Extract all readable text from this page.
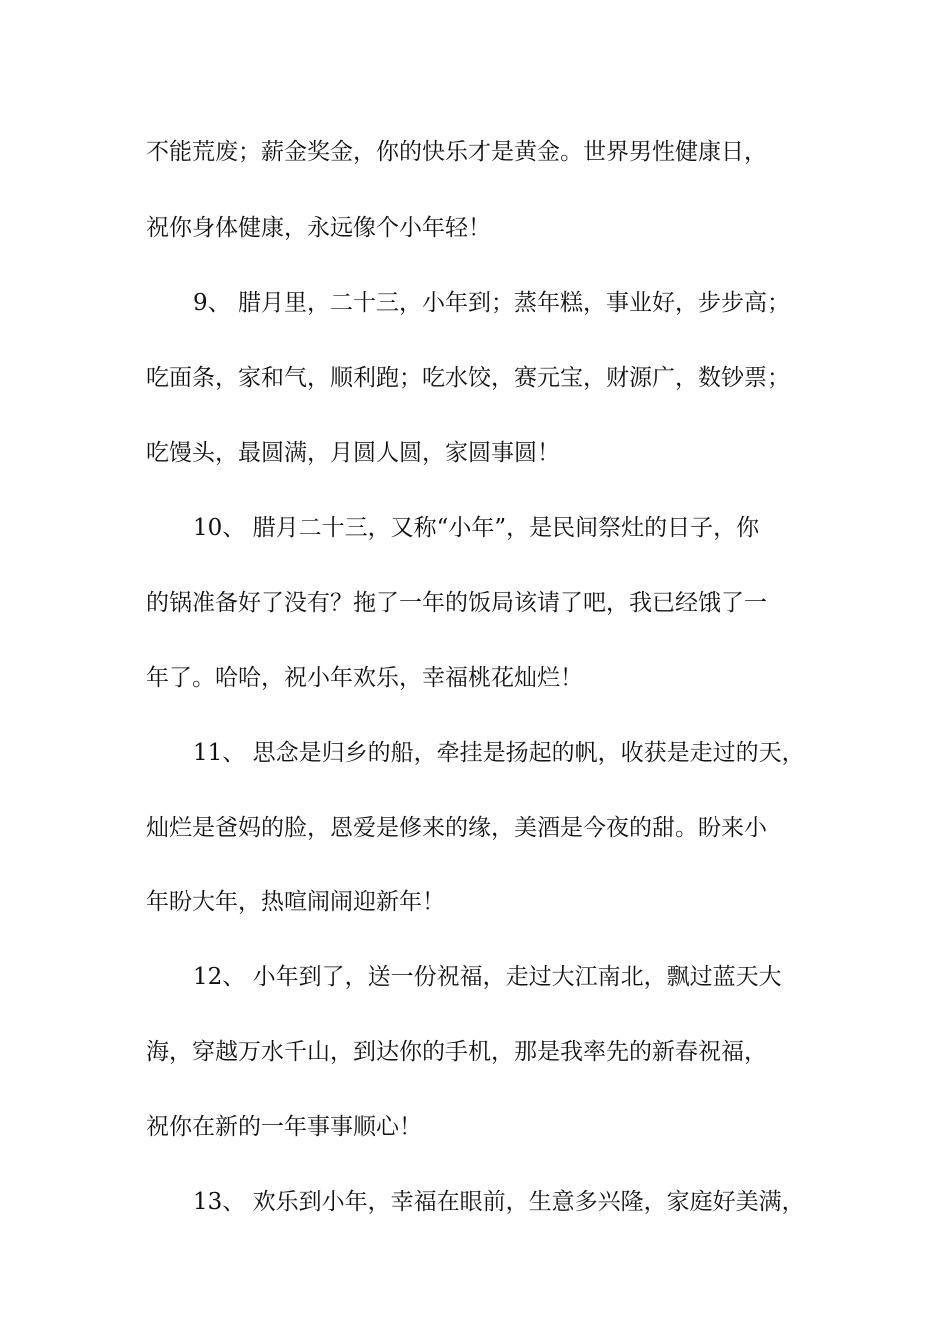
不能荒废；薪金奖金，你的快乐才是黄金。世界男性健康日，
祝你身体健康，永远像个小年轻！
9、 腊月里，二十三，小年到；蒸年糕，事业好，步步高；
吃面条，家和气，顺利跑；吃水饺，赛元宝，财源广，数钞票；
吃馒头，最圆满，月圆人圆，家圆事圆！
10、 腊月二十三，又称“小年”，是民间祭灶的日子，你
的锅准备好了没有？拖了一年的饭局该请了吧，我已经饿了一
年了。哈哈，祝小年欢乐，幸福桃花灿烂！
11、 思念是归乡的船，牵挂是扬起的帆，收获是走过的天，
灿烂是爸妈的脸，恩爱是修来的缘，美酒是今夜的甜。盼来小
年盼大年，热喧闹闹迎新年！
12、 小年到了，送一份祝福，走过大江南北，飘过蓝天大
海，穿越万水千山，到达你的手机，那是我率先的新春祝福，
祝你在新的一年事事顺心！
13、 欢乐到小年，幸福在眼前，生意多兴隆，家庭好美满，
